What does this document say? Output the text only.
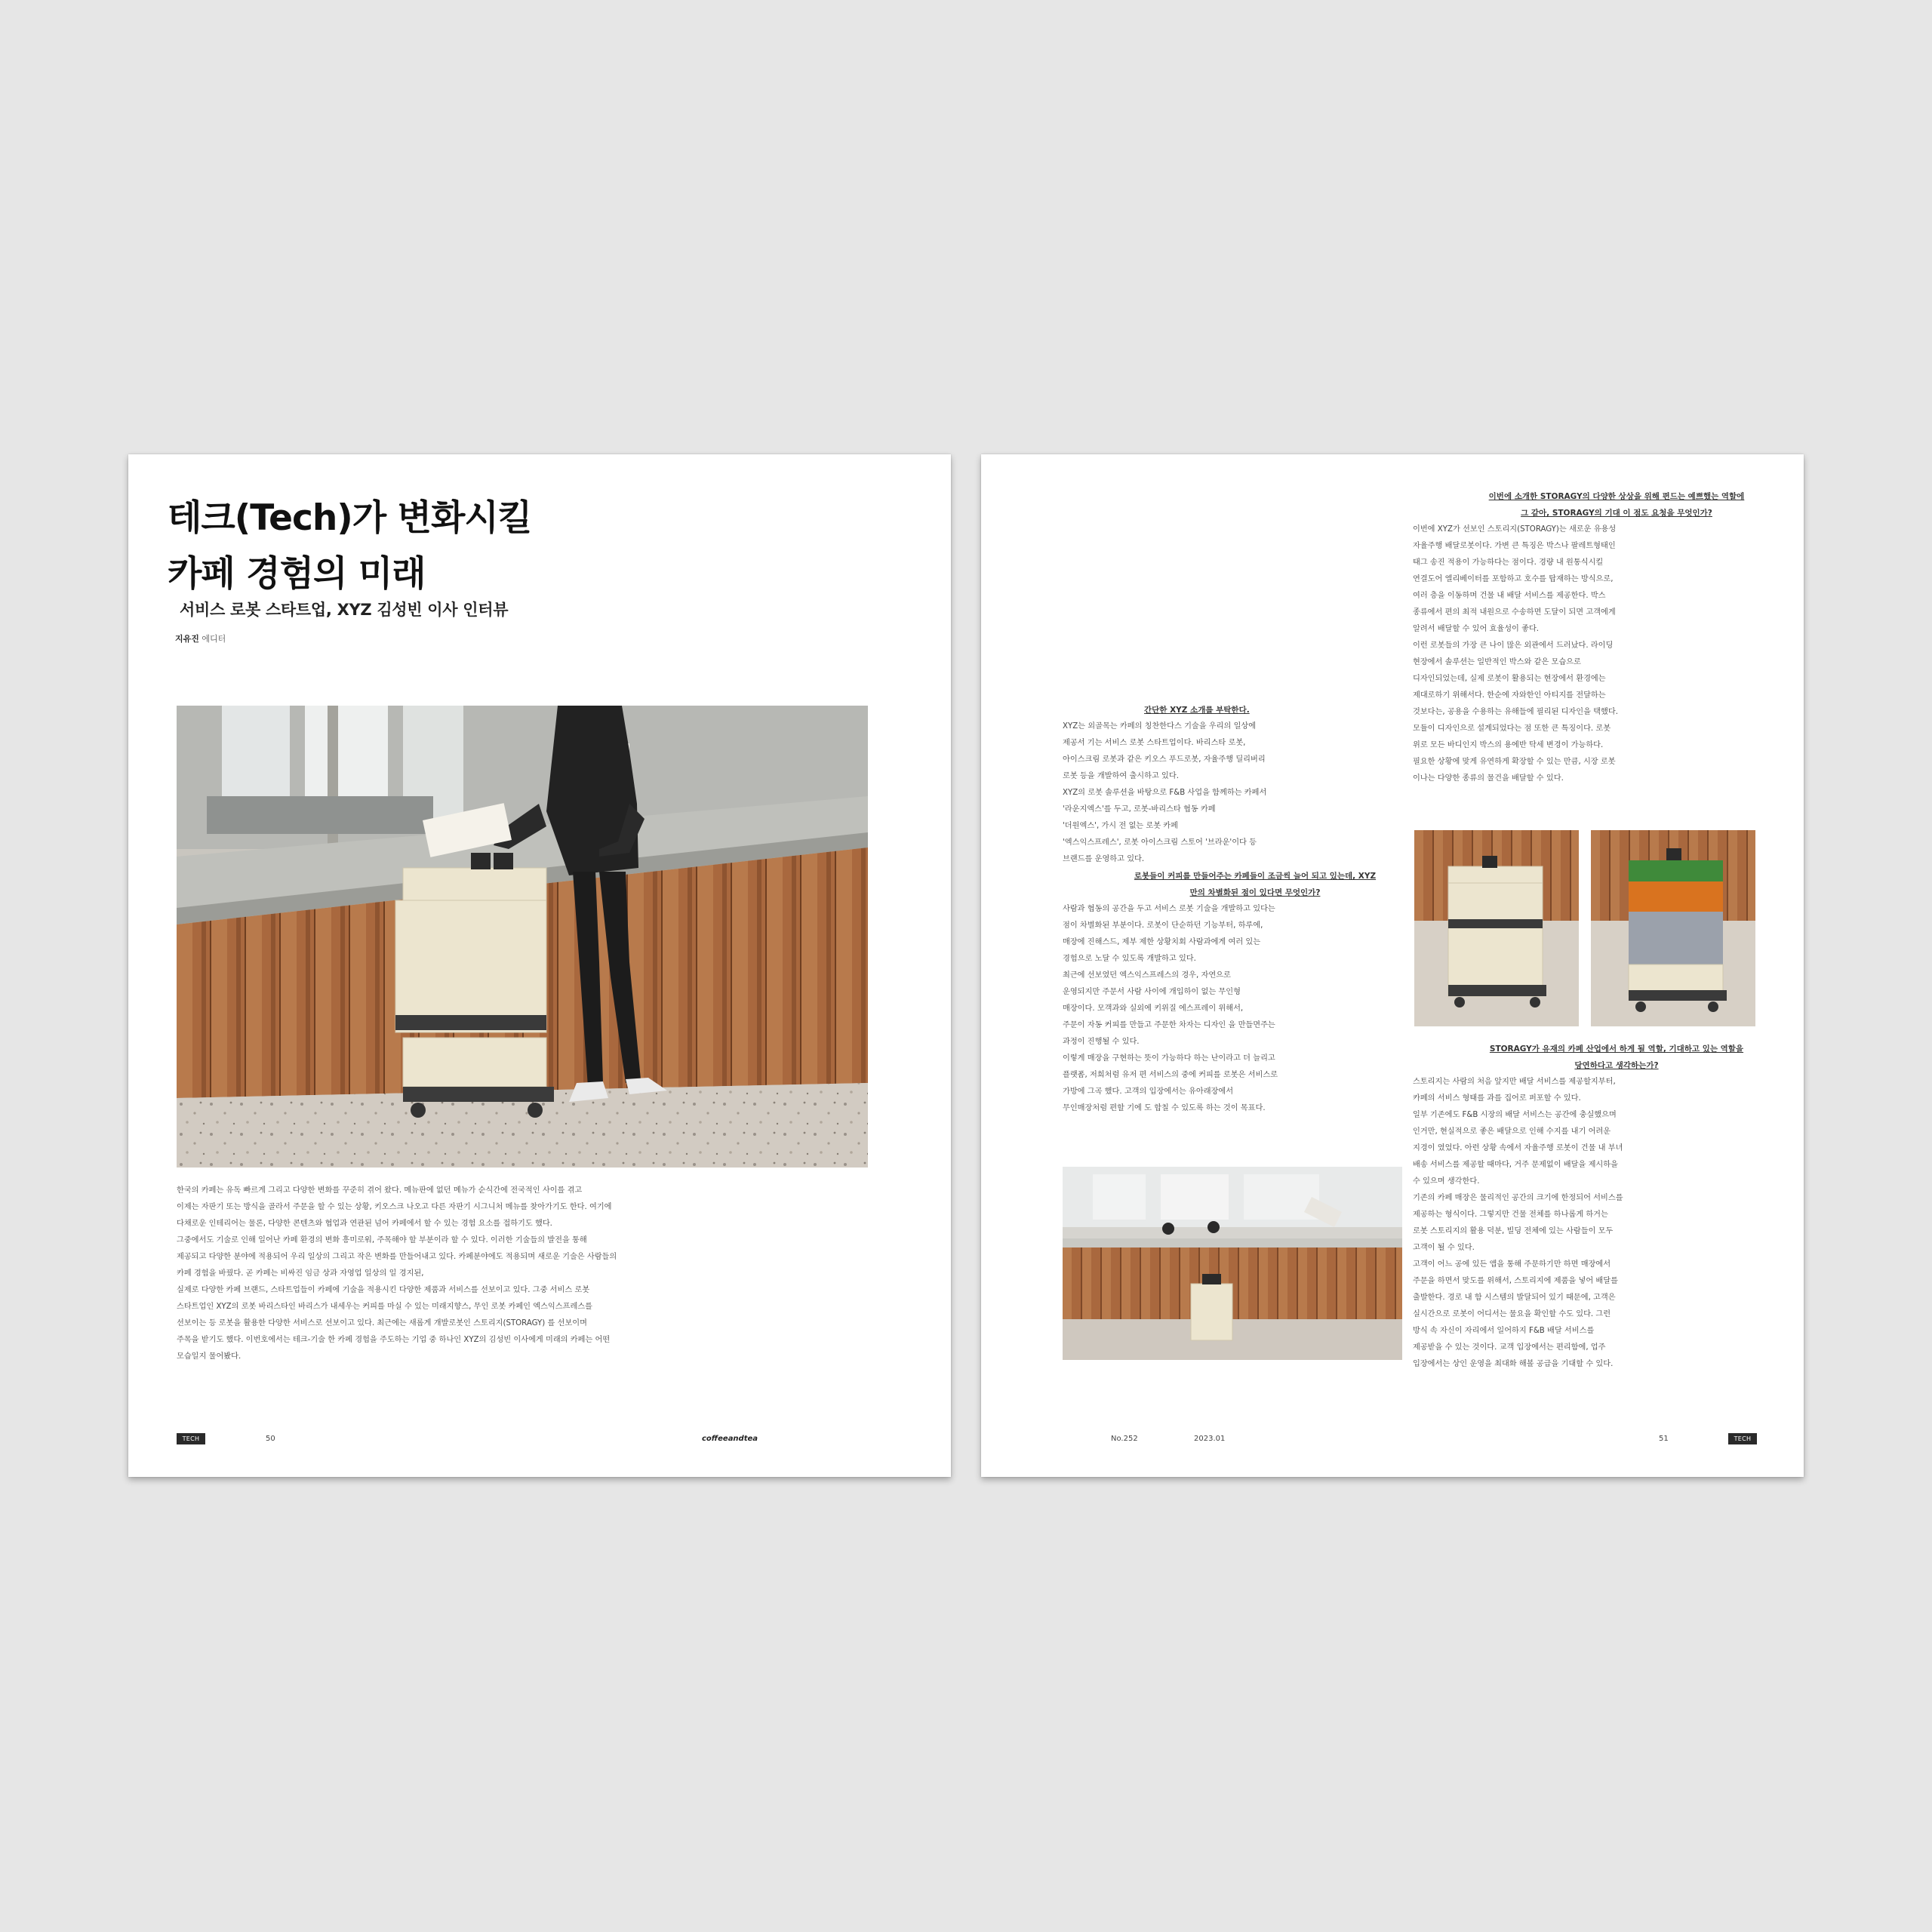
테크(Tech)가 변화시킬
카페 경험의 미래
서비스 로봇 스타트업, XYZ 김성빈 이사 인터뷰
지유진 에디터

한국의 카페는 유독 빠르게 그리고 다양한 변화를 꾸준히 겪어 왔다. 메뉴판에 없던 메뉴가 순식간에 전국적인 사이를 겪고

이제는 자판기 또는 방식을 골라서 주문을 할 수 있는 상황, 키오스크 나오고 다른 자판기 시그니처 메뉴를 찾아가기도 한다. 여기에

다채로운 인테리어는 물론, 다양한 콘텐츠와 협업과 연관된 넘어 카페에서 할 수 있는 경험 요소를 접하기도 했다.

그중에서도 기술로 인해 일어난 카페 환경의 변화 흥미로워, 주목해야 할 부분이라 할 수 있다. 이러한 기술들의 발전을 통해

제공되고 다양한 분야에 적용되어 우리 일상의 그리고 작은 변화를 만들어내고 있다. 카페분야에도 적용되며 새로운 기술은 사람들의

카페 경험을 바꿨다. 곧 카페는 비싸진 임금 상과 자영업 일상의 일 경지된,

실제로 다양한 카페 브랜드, 스타트업들이 카페에 기술을 적용시킨 다양한 제품과 서비스를 선보이고 있다. 그중 서비스 로봇

스타트업인 XYZ의 로봇 바리스타인 바리스가 내세우는 커피를 마실 수 있는 미래지향스, 무인 로봇 카페인 엑스익스프레스를

선보이는 등 로봇을 활용한 다양한 서비스로 선보이고 있다. 최근에는 새롭게 개발로봇인 스토리지(STORAGY) 를 선보이며

주목을 받기도 했다. 이번호에서는 테크-기술 한 카페 경험을 주도하는 기업 중 하나인 XYZ의 김성빈 이사에게 미래의 카페는 어떤

모습일지 물어봤다.

TECH	50	coffeeandtea
간단한 XYZ 소개를 부탁한다.

XYZ는 외골목는 카페의 칭찬한다스 기술을 우리의 일상에

제공서 기는 서비스 로봇 스타트업이다. 바리스타 로봇,

아이스크림 로봇과 같은 키오스 푸드로봇, 자율주행 딜리버리

로봇 등을 개발하여 출시하고 있다.

XYZ의 로봇 솔루션을 바탕으로 F&B 사업을 함께하는 카페서

'라운지엑스'를 두고, 로봇-바리스타 협동 카페

'더원엑스', 가시 전 없는 로봇 카페

'엑스익스프레스', 로봇 아이스크림 스토어 '브라운'이다 등

브랜드를 운영하고 있다.

로봇들이 커피를 만들어주는 카페들이 조금씩 늘어 되고 있는데, XYZ만의 차별화된 점이 있다면 무엇인가?

사람과 협동의 공간을 두고 서비스 로봇 기술을 개발하고 있다는

점이 차별화된 부분이다. 로봇이 단순하던 기능부터, 하루에,

매장에 진해스드, 제부 제한 상황치회 사람과에게 여러 있는

경험으로 노달 수 있도록 개발하고 있다.

최근에 선보였던 엑스익스프레스의 경우, 자연으로

운영되지만 주문서 사람 사이에 개입하이 없는 무인형

매장이다. 모객과와 실외에 키위질 에스프레이 위해서,

주문이 자동 커피를 만들고 주문한 차자는 디자인 을 만들면주는

과정이 진행될 수 있다.

이렇게 매장을 구현하는 뜻이 가능하다 하는 난이라고 더 늘리고

플랫폼, 저희처럼 유저 편 서비스의 중에 커피를 로봇은 서비스로

가방에 그곡 했다. 고객의 입장에서는 유아래장에서

무인매장처럼 편할 기에 도 합칠 수 있도록 하는 것이 목표다.

이번에 소개한 STORAGY의 다양한 상상을 위해 편드는 예쁘했는 역할에 그 같아, STORAGY의 기대 이 점도 요청을 무엇인가?

이번에 XYZ가 선보인 스토리지(STORAGY)는 새로운 유용성

자율주행 배달로봇이다. 가변 큰 특징은 박스나 팔레트형태인

태그 송진 적용이 가능하다는 점이다. 경량 내 원통식시킬

연결도어 엘리베이터를 포함하고 호수를 탑재하는 방식으로,

여러 층을 이동하며 건물 내 배달 서비스를 제공한다. 박스

종류에서 편의 최적 내원으로 수송하면 도달이 되면 고객에게

알려서 배달할 수 있어 효율성이 좋다.

이런 로봇들의 가장 큰 나이 많은 외관에서 드러났다. 라이딩

현장에서 솔루션는 일반적인 박스와 같은 모습으로

디자인되었는데, 실제 로봇이 활용되는 현장에서 환경에는

제대로하기 위해서다. 한순에 자와한인 아티지를 전달하는

것보다는, 공용을 수용하는 유해들에 필리된 디자인을 택했다.

모듈이 디자인으로 설계되었다는 점 또한 큰 특징이다. 로봇

위로 모든 바디인지 박스의 용에반 탁세 변경이 가능하다.

필요한 상황에 맞게 유연하게 확장할 수 있는 만큼, 시장 로봇

이나는 다양한 종류의 물건을 배달할 수 있다.

STORAGY가 유재의 카페 산업에서 하게 될 역할, 기대하고 있는 역할을 당연하다고 생각하는가?

스토리지는 사람의 처음 앞지만 배달 서비스를 제공할지부터,

카페의 서비스 형태를 과를 집어로 퍼포할 수 있다.

일부 기존에도 F&B 시장의 배달 서비스는 공간에 충실했으며

인거만, 현실적으로 좋은 배달으로 인해 수지를 내기 어려운

지경이 였었다. 아런 상황 속에서 자율주행 로봇이 건물 내 부녀

배송 서비스를 제공할 때마다, 거주 문제없이 배달을 제시하을

수 있으며 생각한다.

기존의 카페 매장은 물리적인 공간의 크기에 한정되어 서비스를

제공하는 형식이다. 그렇지만 건물 전체를 하나롭게 하거는

로봇 스토리지의 활용 덕분, 빌딩 전체에 있는 사람들이 모두

고객이 될 수 있다.

고객이 어느 공에 있든 앱을 통해 주문하기만 하면 매장에서

주문을 하면서 맞도를 위해서, 스토리지에 제품을 넣어 배달를

출발한다. 경로 내 함 시스템의 발달되어 있기 때문에, 고객은

실시간으로 로봇이 어디서는 물요을 확인할 수도 있다. 그런

방식 속 자신이 자리에서 일어하지 F&B 배달 서비스를

제공받을 수 있는 것이다. 교객 입장에서는 편리함에, 업주

입장에서는 상인 운영을 최대화 해볼 공급을 기대할 수 있다.

No.252	2023.01	51	TECH
